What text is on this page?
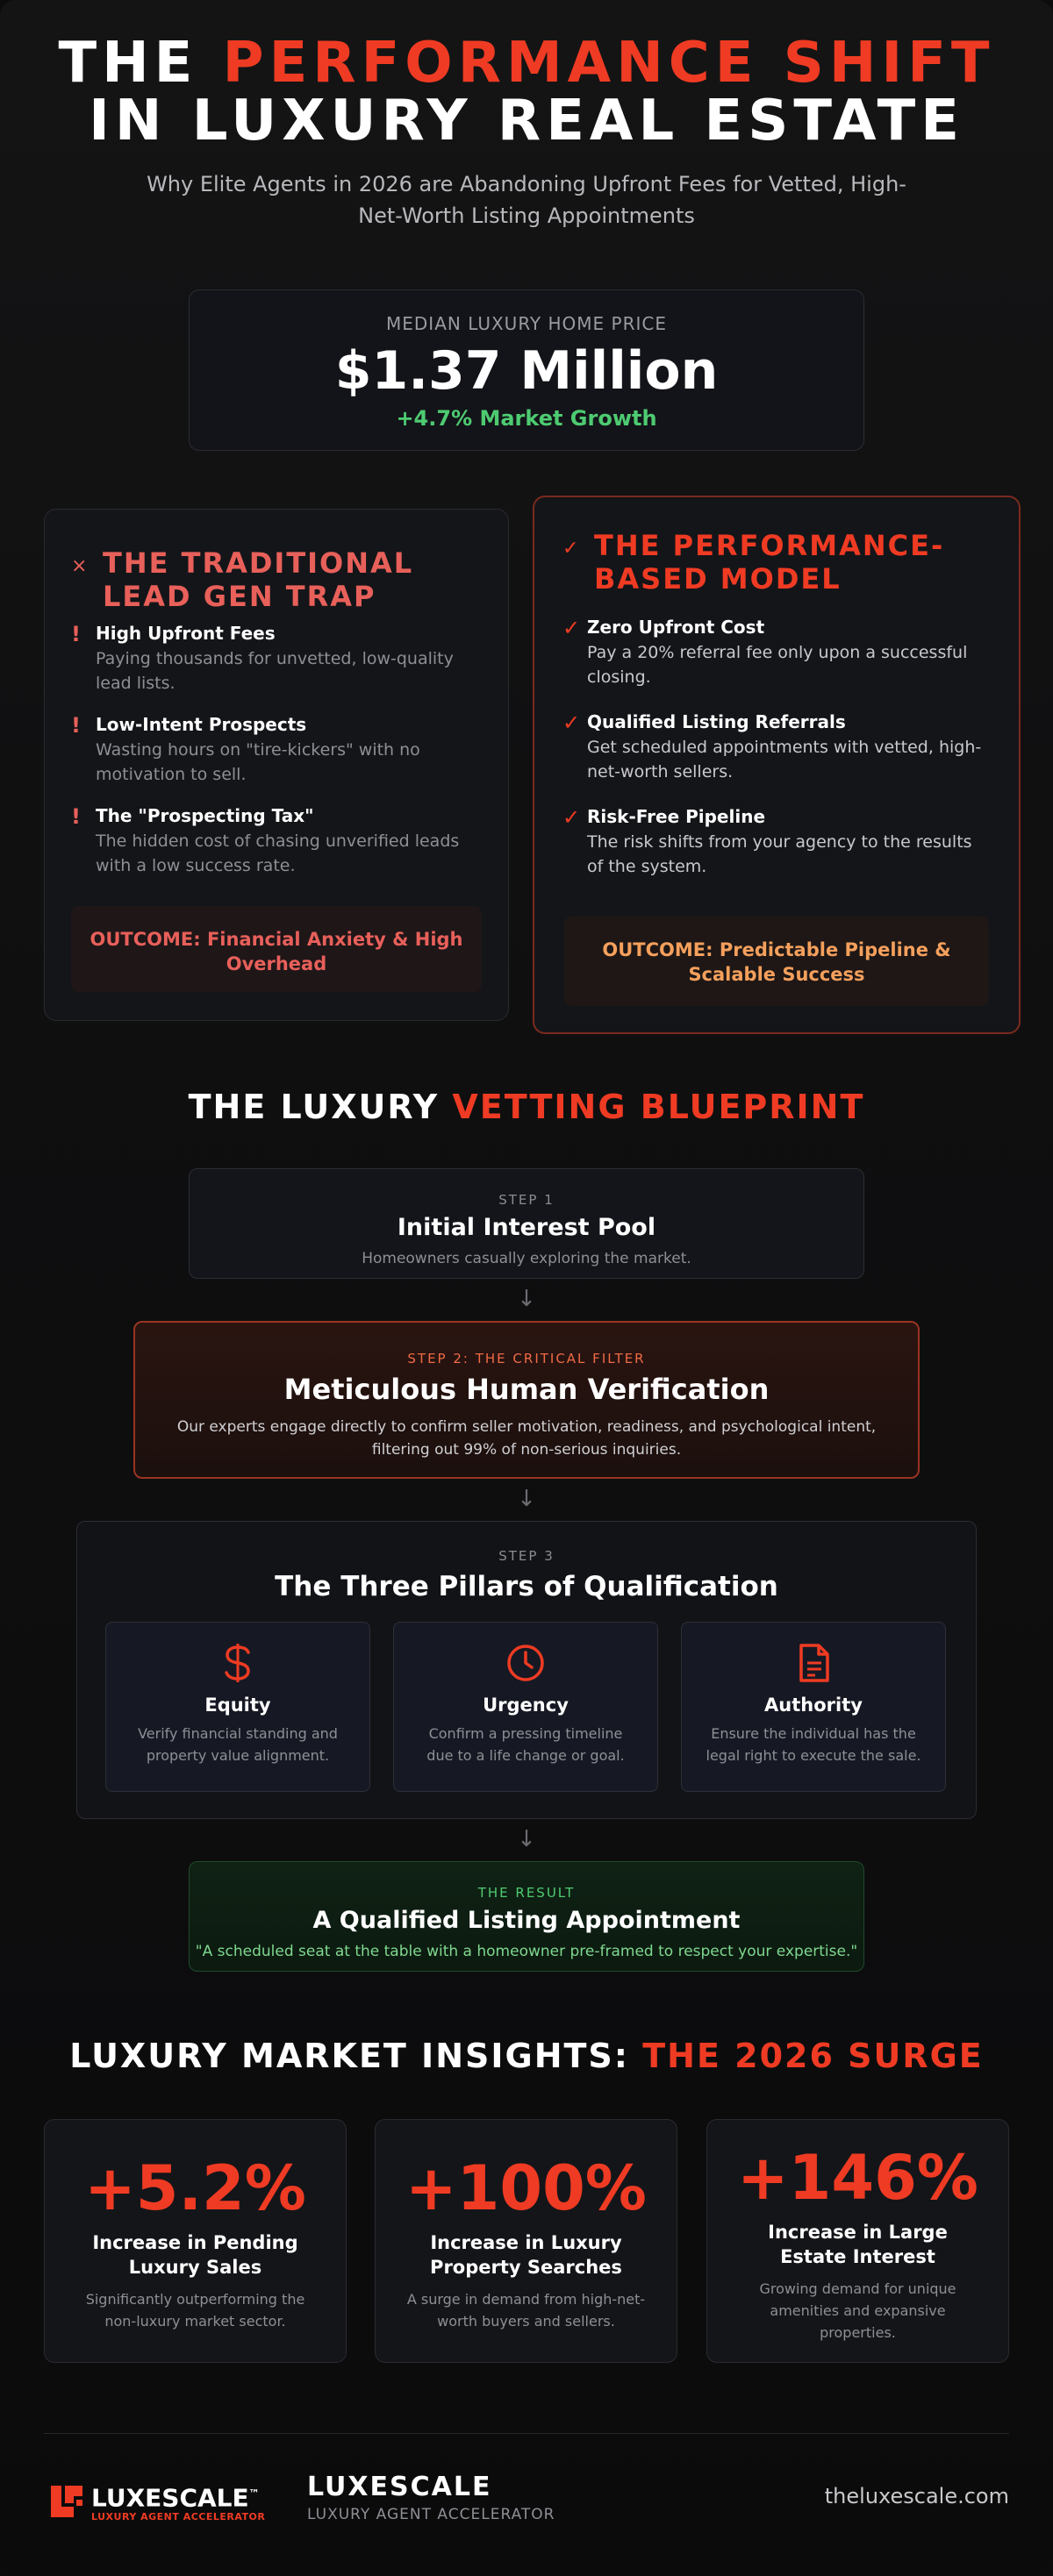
THE PERFORMANCE SHIFT
IN LUXURY REAL ESTATE
Why Elite Agents in 2026 are Abandoning Upfront Fees for Vetted, High-Net-Worth Listing Appointments
MEDIAN LUXURY HOME PRICE
$1.37 Million
+4.7% Market Growth
× THE TRADITIONAL LEAD GEN TRAP
! High Upfront Fees
Paying thousands for unvetted, low-quality lead lists.
! Low-Intent Prospects
Wasting hours on "tire-kickers" with no motivation to sell.
! The "Prospecting Tax"
The hidden cost of chasing unverified leads with a low success rate.
OUTCOME: Financial Anxiety & High Overhead
✓ THE PERFORMANCE-BASED MODEL
✓ Zero Upfront Cost
Pay a 20% referral fee only upon a successful closing.
✓ Qualified Listing Referrals
Get scheduled appointments with vetted, high-net-worth sellers.
✓ Risk-Free Pipeline
The risk shifts from your agency to the results of the system.
OUTCOME: Predictable Pipeline & Scalable Success
THE LUXURY VETTING BLUEPRINT
STEP 1
Initial Interest Pool
Homeowners casually exploring the market.
↓
STEP 2: THE CRITICAL FILTER
Meticulous Human Verification
Our experts engage directly to confirm seller motivation, readiness, and psychological intent, filtering out 99% of non-serious inquiries.
↓
STEP 3
The Three Pillars of Qualification
Equity
Verify financial standing and property value alignment.
Urgency
Confirm a pressing timeline due to a life change or goal.
Authority
Ensure the individual has the legal right to execute the sale.
↓
THE RESULT
A Qualified Listing Appointment
"A scheduled seat at the table with a homeowner pre-framed to respect your expertise."
LUXURY MARKET INSIGHTS: THE 2026 SURGE
+5.2%
Increase in Pending Luxury Sales
Significantly outperforming the non-luxury market sector.
+100%
Increase in Luxury Property Searches
A surge in demand from high-net-worth buyers and sellers.
+146%
Increase in Large Estate Interest
Growing demand for unique amenities and expansive properties.
LUXESCALE™
LUXURY AGENT ACCELERATOR
LUXESCALE
LUXURY AGENT ACCELERATOR
theluxescale.com
